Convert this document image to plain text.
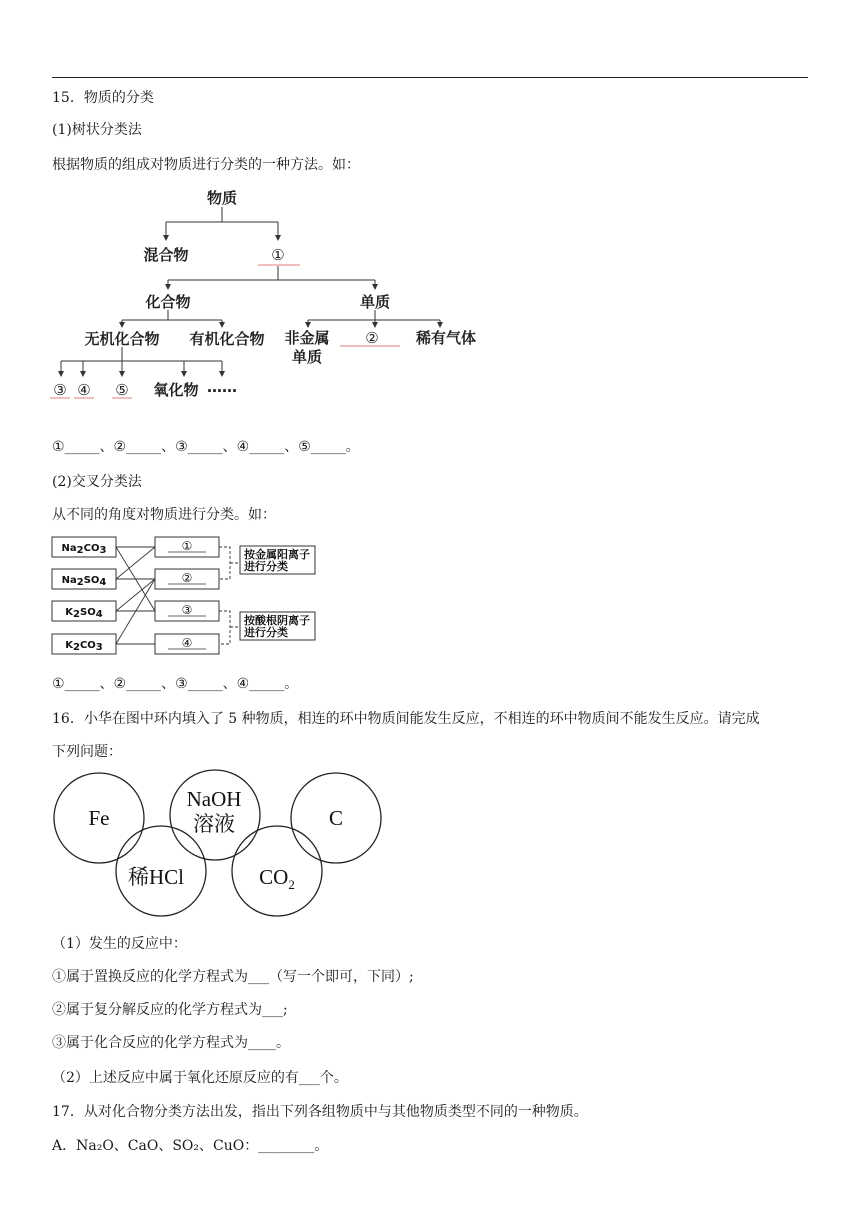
15．物质的分类
(1)树状分类法
根据物质的组成对物质进行分类的一种方法。如：
物质
混合物	①
化合物	单质
无机化合物 有机化合物 非金属
单质
② 稀有气体
③ ④ ⑤ 氧化物 ……
①_____、②_____、③_____、④_____、⑤_____。
(2)交叉分类法
从不同的角度对物质进行分类。如：
Na2CO3
Na2SO4
K2SO4
K2CO3
①
②
③
④
按金属阳离子
进行分类
按酸根阴离子
进行分类
①_____、②_____、③_____、④_____。
16．小华在图中环内填入了 5 种物质，相连的环中物质间能发生反应，不相连的环中物质间不能发生反应。请完成
下列问题：
Fe
NaOH
溶液	C
稀HCl	$CO_2$
（1）发生的反应中：
①属于置换反应的化学方程式为___（写一个即可，下同）;
②属于复分解反应的化学方程式为___;
③属于化合反应的化学方程式为____。
（2）上述反应中属于氧化还原反应的有___个。
17．从对化合物分类方法出发，指出下列各组物质中与其他物质类型不同的一种物质。
A．Na₂O、CaO、SO₂、CuO：________。
